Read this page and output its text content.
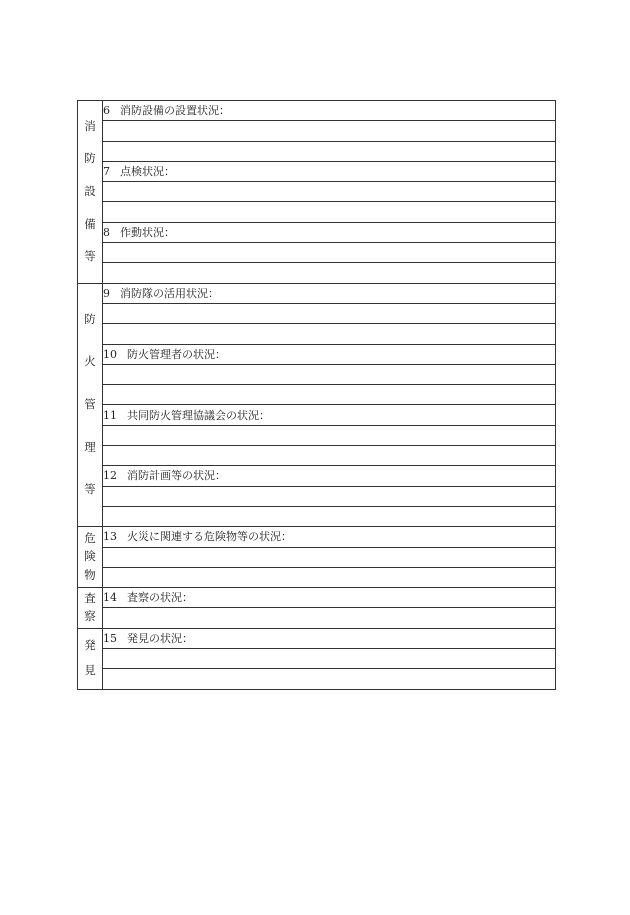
消
防
設
備
等	6 消防設備の設置状況：

	7 点検状況：

	8 作動状況：

防
火
管
理
等	9 消防隊の活用状況：

	10 防火管理者の状況：

	11 共同防火管理協議会の状況：

	12 消防計画等の状況：

危
険
物	13 火災に関連する危険物等の状況：

査
察	14 査察の状況：

発
見	15 発見の状況：
